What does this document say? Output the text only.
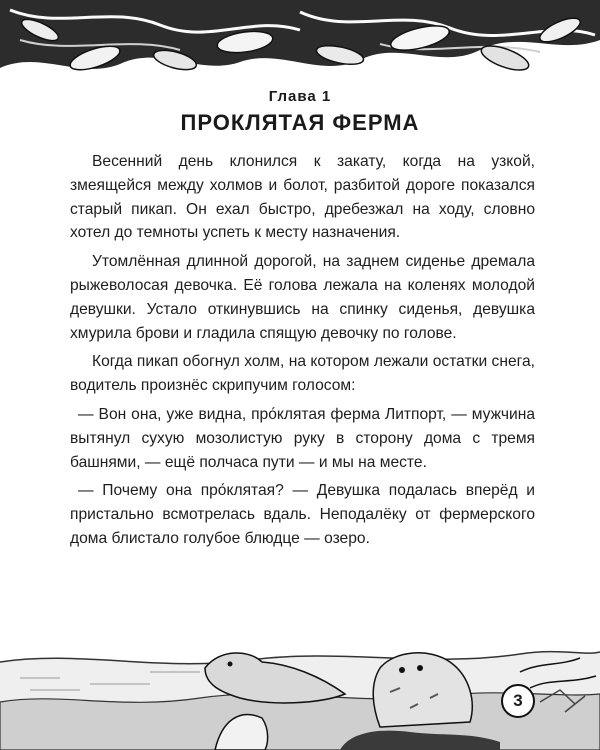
Глава 1
ПРОКЛЯТАЯ ФЕРМА

Весенний день клонился к закату, когда на узкой, змеящейся между холмов и болот, разбитой дороге показался старый пикап. Он ехал быстро, дребезжал на ходу, словно хотел до темноты успеть к месту назначения.

Утомлённая длинной дорогой, на заднем сиденье дремала рыжеволосая девочка. Её голова лежала на коленях молодой девушки. Устало откинувшись на спинку сиденья, девушка хмурила брови и гладила спящую девочку по голове.

Когда пикап обогнул холм, на котором лежали остатки снега, водитель произнёс скрипучим голосом:

— Вон она, уже видна, про́клятая ферма Литпорт, — мужчина вытянул сухую мозолистую руку в сторону дома с тремя башнями, — ещё полчаса пути — и мы на месте.

— Почему она про́клятая? — Девушка подалась вперёд и пристально всмотрелась вдаль. Неподалёку от фермерского дома блистало голубое блюдце — озеро.

3
